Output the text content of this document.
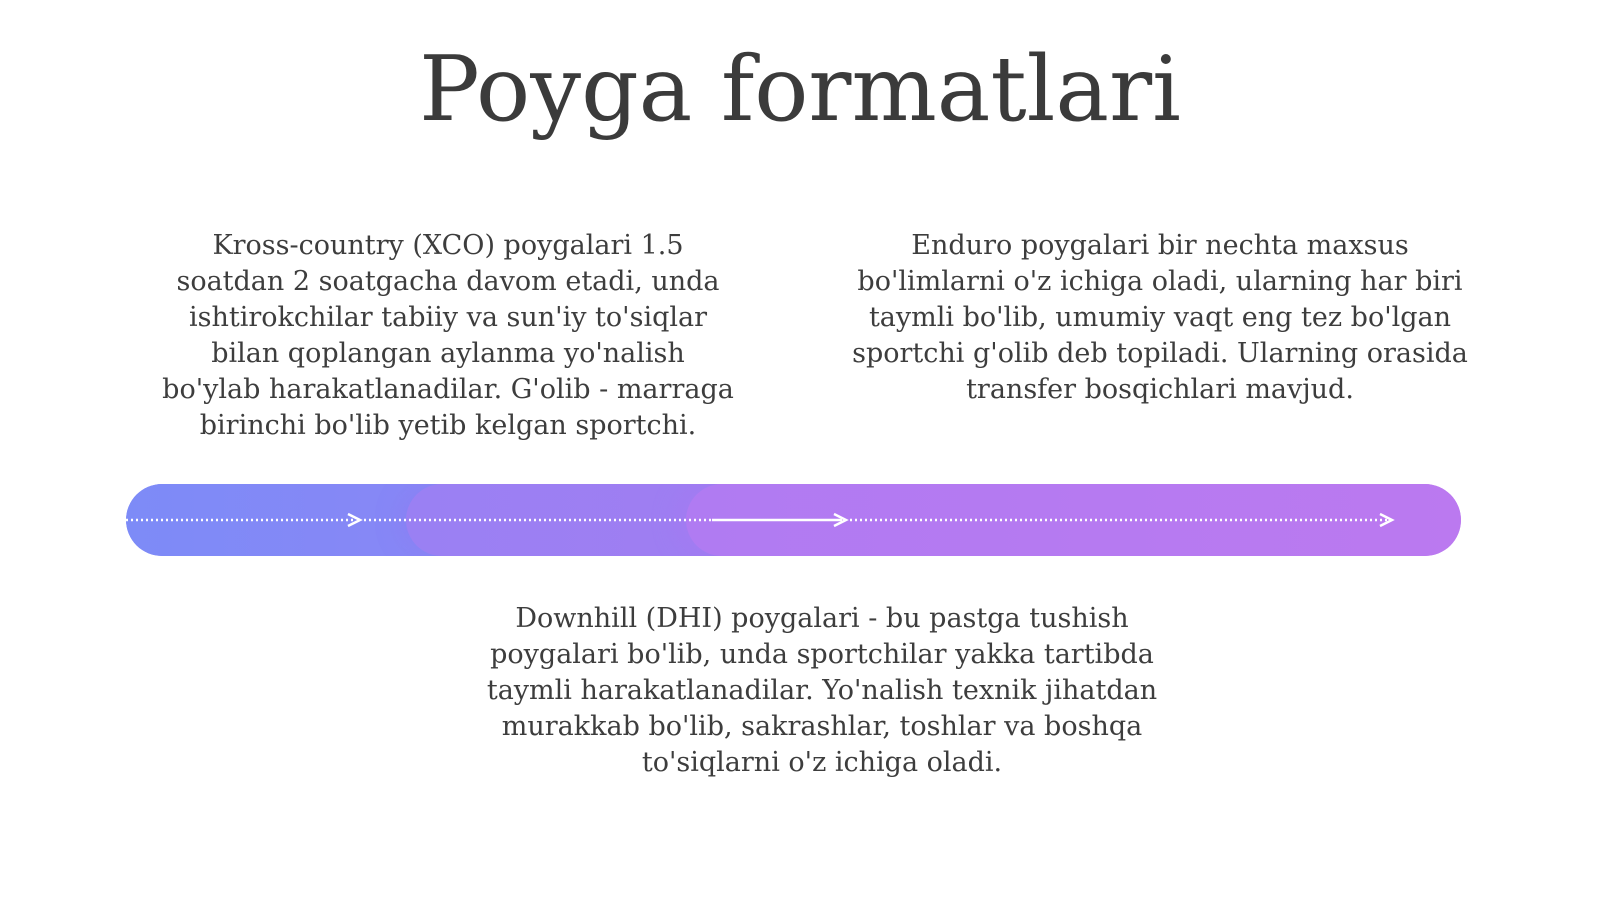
Poyga formatlari

Kross-country (XCO) poygalari 1.5 soatdan 2 soatgacha davom etadi, unda ishtirokchilar tabiiy va sun'iy to'siqlar bilan qoplangan aylanma yo'nalish bo'ylab harakatlanadilar. G'olib - marraga birinchi bo'lib yetib kelgan sportchi.

Enduro poygalari bir nechta maxsus bo'limlarni o'z ichiga oladi, ularning har biri taymli bo'lib, umumiy vaqt eng tez bo'lgan sportchi g'olib deb topiladi. Ularning orasida transfer bosqichlari mavjud.

Downhill (DHI) poygalari - bu pastga tushish poygalari bo'lib, unda sportchilar yakka tartibda taymli harakatlanadilar. Yo'nalish texnik jihatdan murakkab bo'lib, sakrashlar, toshlar va boshqa to'siqlarni o'z ichiga oladi.
